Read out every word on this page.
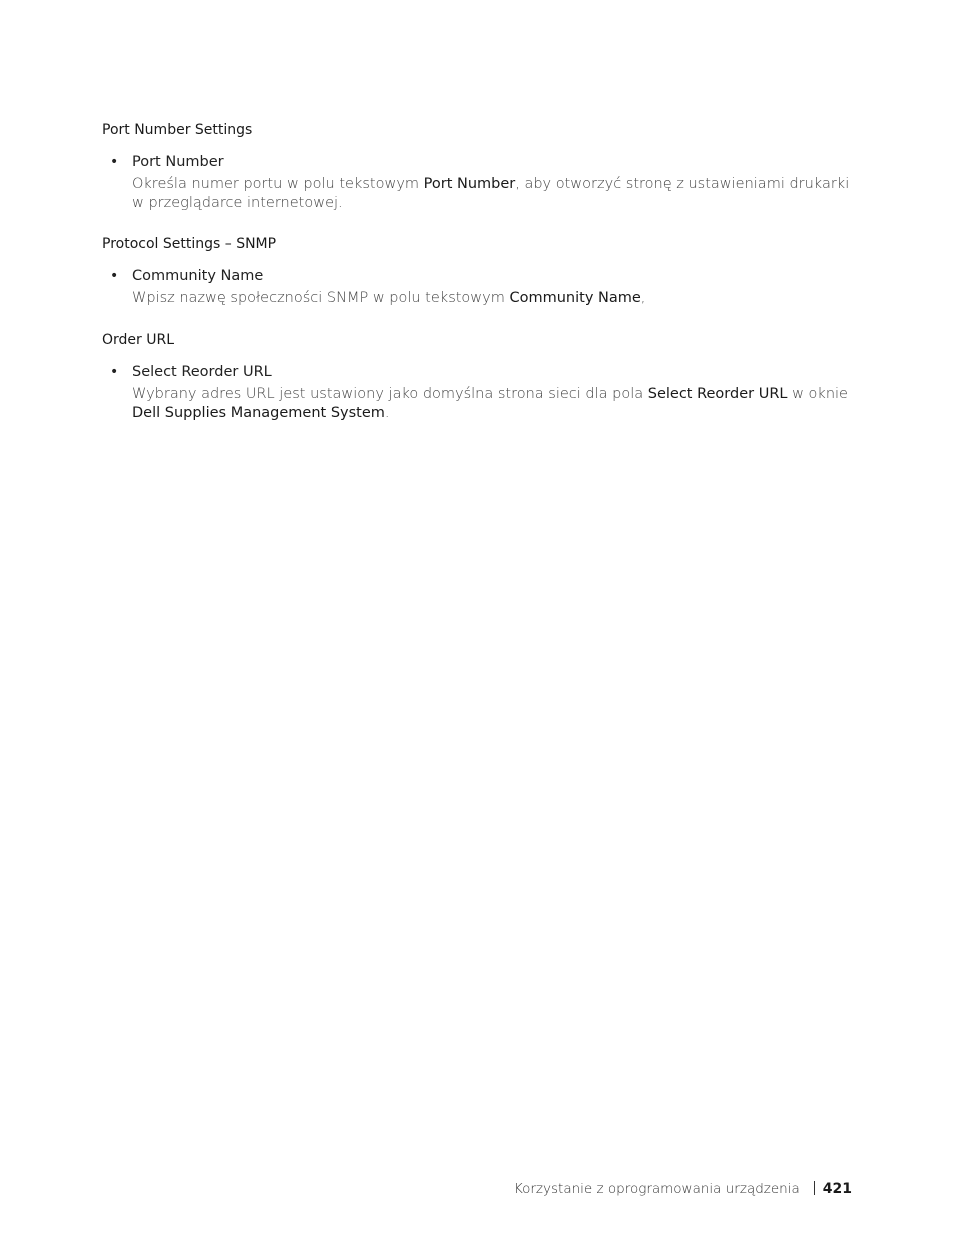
Port Number Settings
• Port Number
Określa numer portu w polu tekstowym Port Number, aby otworzyć stronę z ustawieniami drukarki w przeglądarce internetowej.
Protocol Settings – SNMP
• Community Name
Wpisz nazwę społeczności SNMP w polu tekstowym Community Name,
Order URL
• Select Reorder URL
Wybrany adres URL jest ustawiony jako domyślna strona sieci dla pola Select Reorder URL w oknie Dell Supplies Management System.
Korzystanie z oprogramowania urządzenia 421
